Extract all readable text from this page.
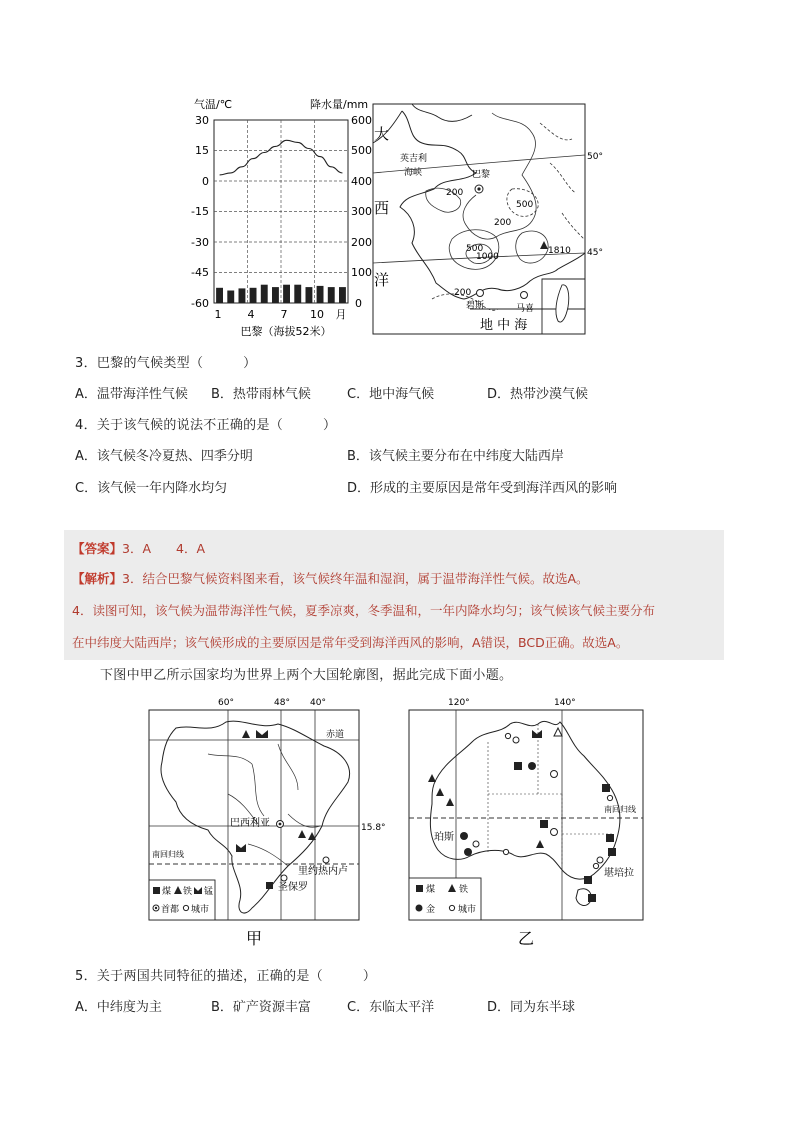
气温/℃	降水量/mm
30
15
0
-15
-30
-45
-60
600
500
400
300
200
100
0
1 4 7 10 月
巴黎（海拔52米）
50°
45°
大
西
洋
英吉利
海峡	巴黎
200
500
200
500
1000
1810
200
碧斯	马喜
地 中 海
3．巴黎的气候类型（　　　）
A．温带海洋性气候 B．热带雨林气候	C．地中海气候	D．热带沙漠气候
4．关于该气候的说法不正确的是（　　　）
A．该气候冬冷夏热、四季分明	B．该气候主要分布在中纬度大陆西岸
C．该气候一年内降水均匀	D．形成的主要原因是常年受到海洋西风的影响
【答案】3．A　　4．A
【解析】3．结合巴黎气候资料图来看，该气候终年温和湿润，属于温带海洋性气候。故选A。
4．读图可知，该气候为温带海洋性气候，夏季凉爽，冬季温和，一年内降水均匀；该气候该气候主要分布
在中纬度大陆西岸；该气候形成的主要原因是常年受到海洋西风的影响，A错误，BCD正确。故选A。
下图中甲乙所示国家均为世界上两个大国轮廓图，据此完成下面小题。
60°	48° 40°
赤道
15.8°
南回归线
巴西利亚
里约热内卢
圣保罗
煤 铁 锰
首都 城市
甲
120°	140°
南回归线
珀斯
堪培拉
煤	铁
金	城市
乙
5．关于两国共同特征的描述，正确的是（　　　）
A．中纬度为主	B．矿产资源丰富	C．东临太平洋	D．同为东半球
